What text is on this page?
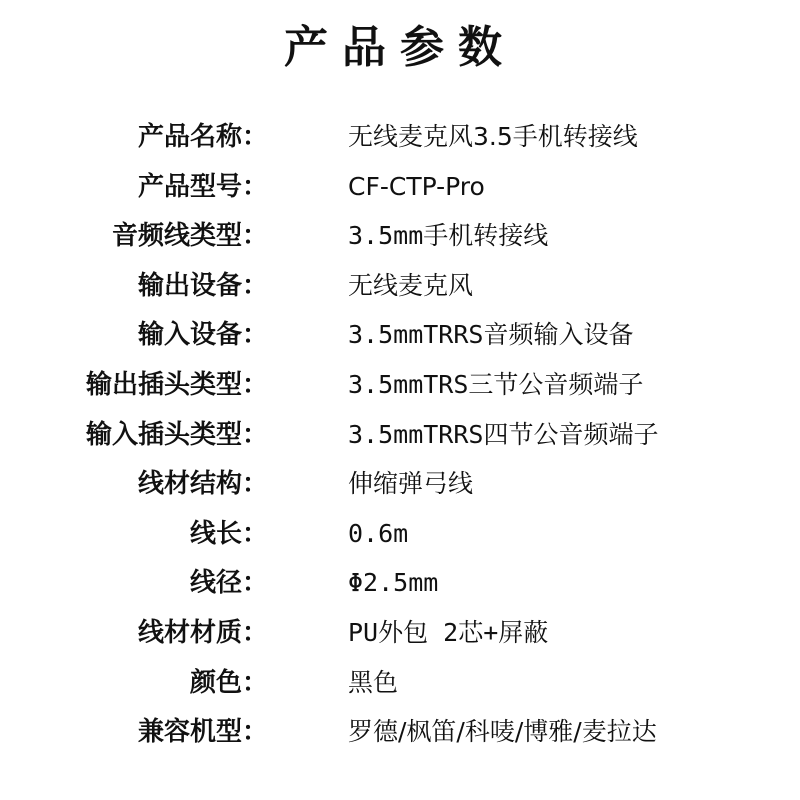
产品参数
产品名称：	无线麦克风3.5手机转接线
产品型号：	CF-CTP-Pro
音频线类型：	3.5mm手机转接线
输出设备：	无线麦克风
输入设备：	3.5mmTRRS音频输入设备
输出插头类型：	3.5mmTRS三节公音频端子
输入插头类型：	3.5mmTRRS四节公音频端子
线材结构：	伸缩弹弓线
线长：	0.6m
线径：	Φ2.5mm
线材材质：	PU外包 2芯+屏蔽
颜色：	黑色
兼容机型：	罗德/枫笛/科唛/博雅/麦拉达
